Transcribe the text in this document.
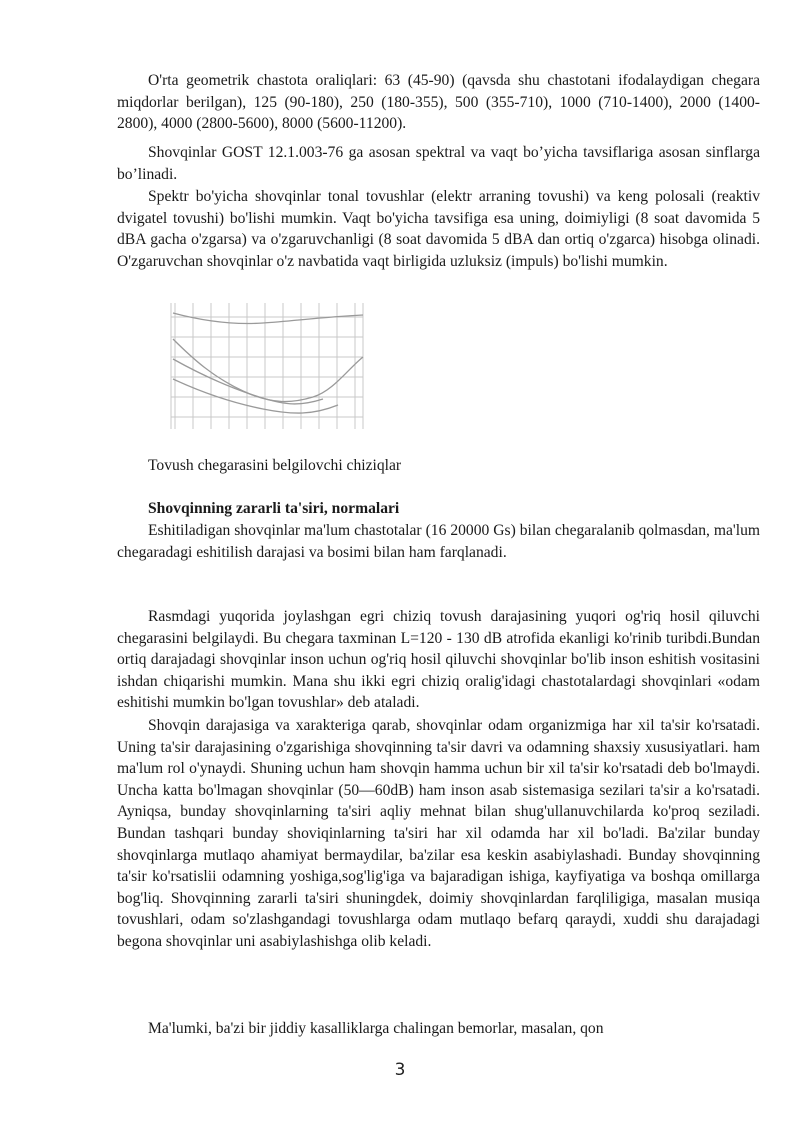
O'rta geometrik chastota oraliqlari: 63 (45-90) (qavsda shu chastotani ifodalaydigan chegara miqdorlar berilgan), 125 (90-180), 250 (180-355), 500 (355-710), 1000 (710-1400), 2000 (1400-2800), 4000 (2800-5600), 8000 (5600-11200).

Shovqinlar GOST 12.1.003-76 ga asosan spektral va vaqt bo’yicha tavsiflariga asosan sinflarga bo’linadi.

Spektr bo'yicha shovqinlar tonal tovushlar (elektr arraning tovushi) va keng polosali (reaktiv dvigatel tovushi) bo'lishi mumkin. Vaqt bo'yicha tavsifiga esa uning, doimiyligi (8 soat davomida 5 dBA gacha o'zgarsa) va o'zgaruvchanligi (8 soat davomida 5 dBA dan ortiq o'zgarca) hisobga olinadi. O'zgaruvchan shovqinlar o'z navbatida vaqt birligida uzluksiz (impuls) bo'lishi mumkin.

Tovush chegarasini belgilovchi chiziqlar

Shovqinning zararli ta'siri, normalari

Eshitiladigan shovqinlar ma'lum chastotalar (16 20000 Gs) bilan chegaralanib qolmasdan, ma'lum chegaradagi eshitilish darajasi va bosimi bilan ham farqlanadi.

Rasmdagi yuqorida joylashgan egri chiziq tovush darajasining yuqori og'riq hosil qiluvchi chegarasini belgilaydi. Bu chegara taxminan L=120 - 130 dB atrofida ekanligi ko'rinib turibdi.Bundan ortiq darajadagi shovqinlar inson uchun og'riq hosil qiluvchi shovqinlar bo'lib inson eshitish vositasini ishdan chiqarishi mumkin. Mana shu ikki egri chiziq oralig'idagi chastotalardagi shovqinlari «odam eshitishi mumkin bo'lgan tovushlar» deb ataladi.

Shovqin darajasiga va xarakteriga qarab, shovqinlar odam organizmiga har xil ta'sir ko'rsatadi. Uning ta'sir darajasining o'zgarishiga shovqinning ta'sir davri va odamning shaxsiy xususiyatlari. ham ma'lum rol o'ynaydi. Shuning uchun ham shovqin hamma uchun bir xil ta'sir ko'rsatadi deb bo'lmaydi. Uncha katta bo'lmagan shovqinlar (50—60dB) ham inson asab sistemasiga sezilari ta'sir a ko'rsatadi. Ayniqsa, bunday shovqinlarning ta'siri aqliy mehnat bilan shug'ullanuvchilarda ko'proq seziladi. Bundan tashqari bunday shoviqinlarning ta'siri har xil odamda har xil bo'ladi. Ba'zilar bunday shovqinlarga mutlaqo ahamiyat bermaydilar, ba'zilar esa keskin asabiylashadi. Bunday shovqinning ta'sir ko'rsatislii odamning yoshiga,sog'lig'iga va bajaradigan ishiga, kayfiyatiga va boshqa omillarga bog'liq. Shovqinning zararli ta'siri shuningdek, doimiy shovqinlardan farqliligiga, masalan musiqa tovushlari, odam so'zlashgandagi tovushlarga odam mutlaqo befarq qaraydi, xuddi shu darajadagi begona shovqinlar uni asabiylashishga olib keladi.

Ma'lumki, ba'zi bir jiddiy kasalliklarga chalingan bemorlar, masalan, qon

3
